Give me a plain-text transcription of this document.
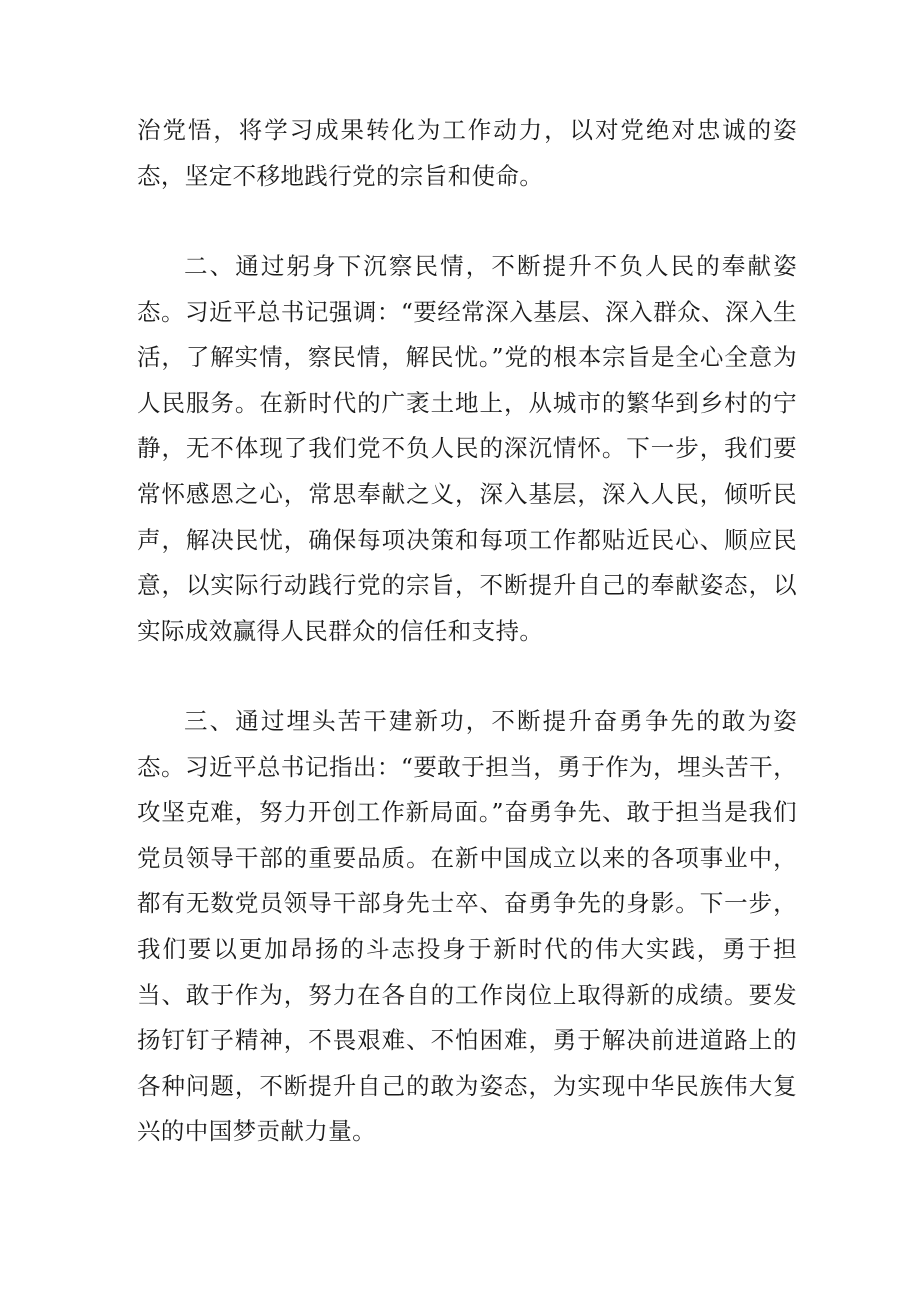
治党悟，将学习成果转化为工作动力，以对党绝对忠诚的姿态，坚定不移地践行党的宗旨和使命。

二、通过躬身下沉察民情，不断提升不负人民的奉献姿态。习近平总书记强调：“要经常深入基层、深入群众、深入生活，了解实情，察民情，解民忧。”党的根本宗旨是全心全意为人民服务。在新时代的广袤土地上，从城市的繁华到乡村的宁静，无不体现了我们党不负人民的深沉情怀。下一步，我们要常怀感恩之心，常思奉献之义，深入基层，深入人民，倾听民声，解决民忧，确保每项决策和每项工作都贴近民心、顺应民意，以实际行动践行党的宗旨，不断提升自己的奉献姿态，以实际成效赢得人民群众的信任和支持。

三、通过埋头苦干建新功，不断提升奋勇争先的敢为姿态。习近平总书记指出：“要敢于担当，勇于作为，埋头苦干，攻坚克难，努力开创工作新局面。”奋勇争先、敢于担当是我们党员领导干部的重要品质。在新中国成立以来的各项事业中，都有无数党员领导干部身先士卒、奋勇争先的身影。下一步，我们要以更加昂扬的斗志投身于新时代的伟大实践，勇于担当、敢于作为，努力在各自的工作岗位上取得新的成绩。要发扬钉钉子精神，不畏艰难、不怕困难，勇于解决前进道路上的各种问题，不断提升自己的敢为姿态，为实现中华民族伟大复兴的中国梦贡献力量。
